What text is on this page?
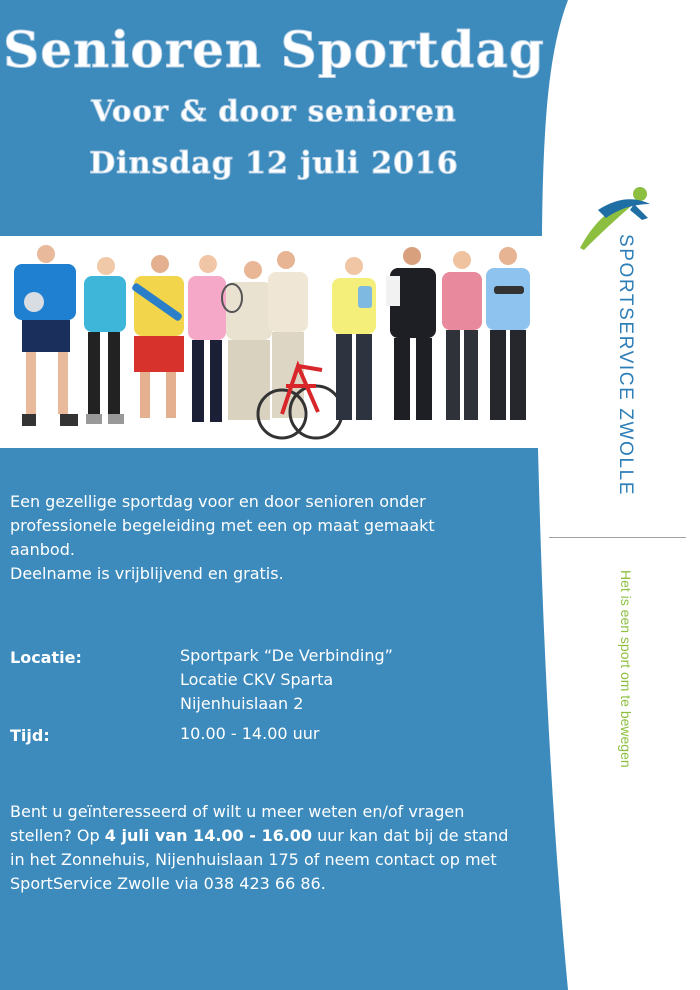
Senioren Sportdag
Voor & door senioren
Dinsdag 12 juli 2016
Een gezellige sportdag voor en door senioren onder
professionele begeleiding met een op maat gemaakt
aanbod.
Deelname is vrijblijvend en gratis.
Locatie:	Sportpark “De Verbinding”
Locatie CKV Sparta
Nijenhuislaan 2
Tijd:	10.00 - 14.00 uur
Bent u geïnteresseerd of wilt u meer weten en/of vragen
stellen? Op 4 juli van 14.00 - 16.00 uur kan dat bij de stand
in het Zonnehuis, Nijenhuislaan 175 of neem contact op met
SportService Zwolle via 038 423 66 86.
SPORTSERVICE ZWOLLE
Het is een sport om te bewegen
